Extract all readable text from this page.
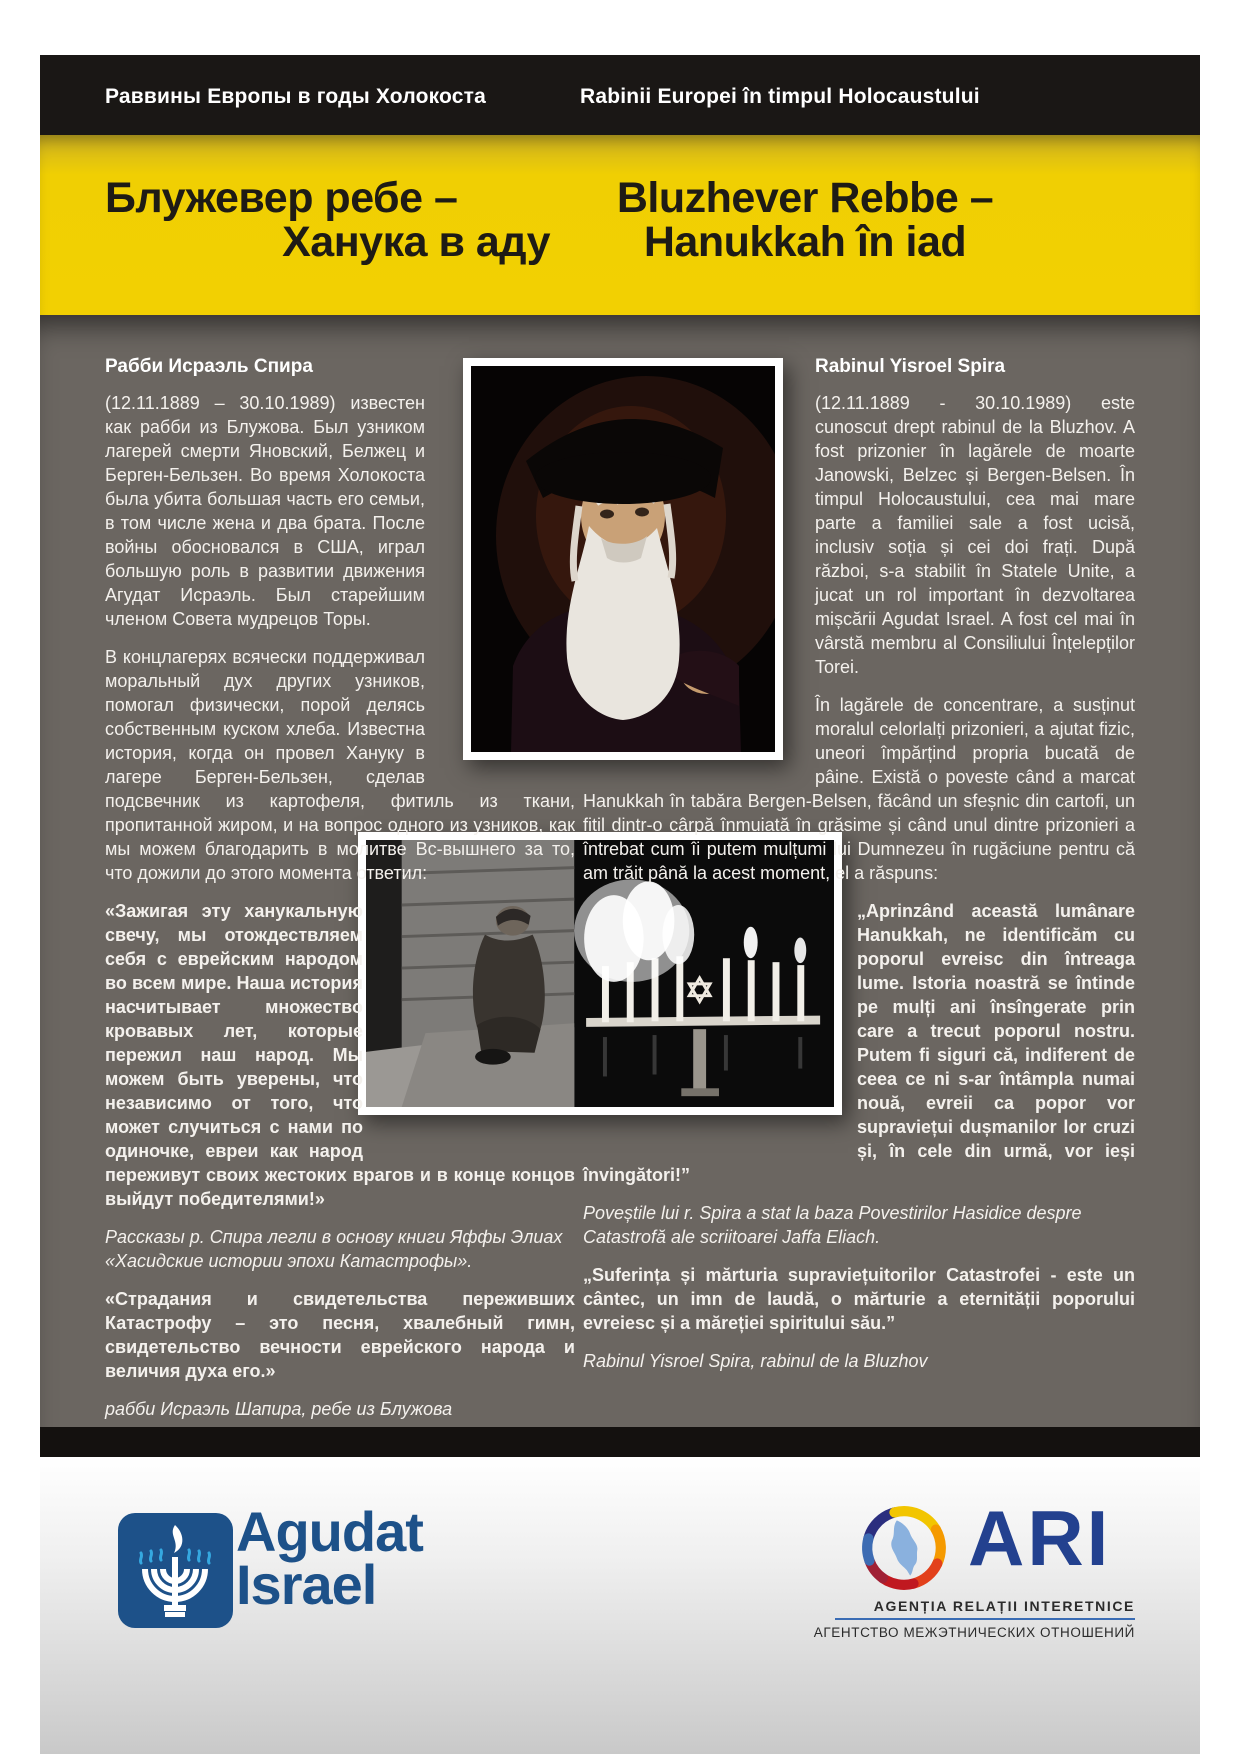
Раввины Европы в годы Холокоста	Rabinii Europei în timpul Holocaustului
Блужевер ребе –
Ханука в аду
Bluzhever Rebbe –
Hanukkah în iad
Рабби Исраэль Спира

(12.11.1889 – 30.10.1989) известен как рабби из Блужова. Был узником лагерей смерти Яновский, Белжец и Берген-Бельзен. Во время Холокоста была убита большая часть его семьи, в том числе жена и два брата. После войны обосновался в США, играл большую роль в развитии движения Агудат Исраэль. Был старейшим членом Совета мудрецов Торы.

В концлагерях всячески поддерживал моральный дух других узников, помогал физически, порой делясь собственным куском хлеба. Известна история, когда он провел Хануку в лагере Берген-Бельзен, сделав подсвечник из картофеля, фитиль из ткани, пропитанной жиром, и на вопрос одного из узников, как мы можем благодарить в молитве Вс-вышнего за то, что дожили до этого момента ответил:

«Зажигая эту ханукальную свечу, мы отождествляем себя с еврейским народом во всем мире. Наша история насчитывает множество кровавых лет, которые пережил наш народ. Мы можем быть уверены, что независимо от того, что может случиться с нами по одиночке, евреи как народ переживут своих жестоких врагов и в конце концов выйдут победителями!»

Рассказы р. Спира легли в основу книги Яффы Элиах «Хасидские истории эпохи Катастрофы».

«Страдания и свидетельства переживших Катастрофу – это песня, хвалебный гимн, свидетельство вечности еврейского народа и величия духа его.»

рабби Исраэль Шапира, ребе из Блужова

Rabinul Yisroel Spira

(12.11.1889 - 30.10.1989) este cunoscut drept rabinul de la Bluzhov. A fost prizonier în lagărele de moarte Janowski, Belzec și Bergen-Belsen. În timpul Holocaustului, cea mai mare parte a familiei sale a fost ucisă, inclusiv soția și cei doi frați. După război, s-a stabilit în Statele Unite, a jucat un rol important în dezvoltarea mișcării Agudat Israel. A fost cel mai în vârstă membru al Consiliului Înțelepților Torei.

În lagărele de concentrare, a susținut moralul celorlalți prizonieri, a ajutat fizic, uneori împărțind propria bucată de pâine. Există o poveste când a marcat Hanukkah în tabăra Bergen-Belsen, făcând un sfeșnic din cartofi, un fitil dintr-o cârpă înmuiată în grăsime și când unul dintre prizonieri a întrebat cum îi putem mulțumi lui Dumnezeu în rugăciune pentru că am trăit până la acest moment, el a răspuns:

„Aprinzând această lumânare Hanukkah, ne identificăm cu poporul evreisc din întreaga lume. Istoria noastră se întinde pe mulți ani însîngerate prin care a trecut poporul nostru. Putem fi siguri că, indiferent de ceea ce ni s-ar întâmpla numai nouă, evreii ca popor vor supraviețui dușmanilor lor cruzi și, în cele din urmă, vor ieși învingători!”

Poveștile lui r. Spira a stat la baza Povestirilor Hasidice despre Catastrofă ale scriitoarei Jaffa Eliach.

„Suferința și mărturia supraviețuitorilor Catastrofei - este un cântec, un imn de laudă, o mărturie a eternității poporului evreiesc și a măreției spiritului său.”

Rabinul Yisroel Spira, rabinul de la Bluzhov

Agudat
Israel
ARI
AGENȚIA RELAȚII INTERETNICE
АГЕНТСТВО МЕЖЭТНИЧЕСКИХ ОТНОШЕНИЙ
